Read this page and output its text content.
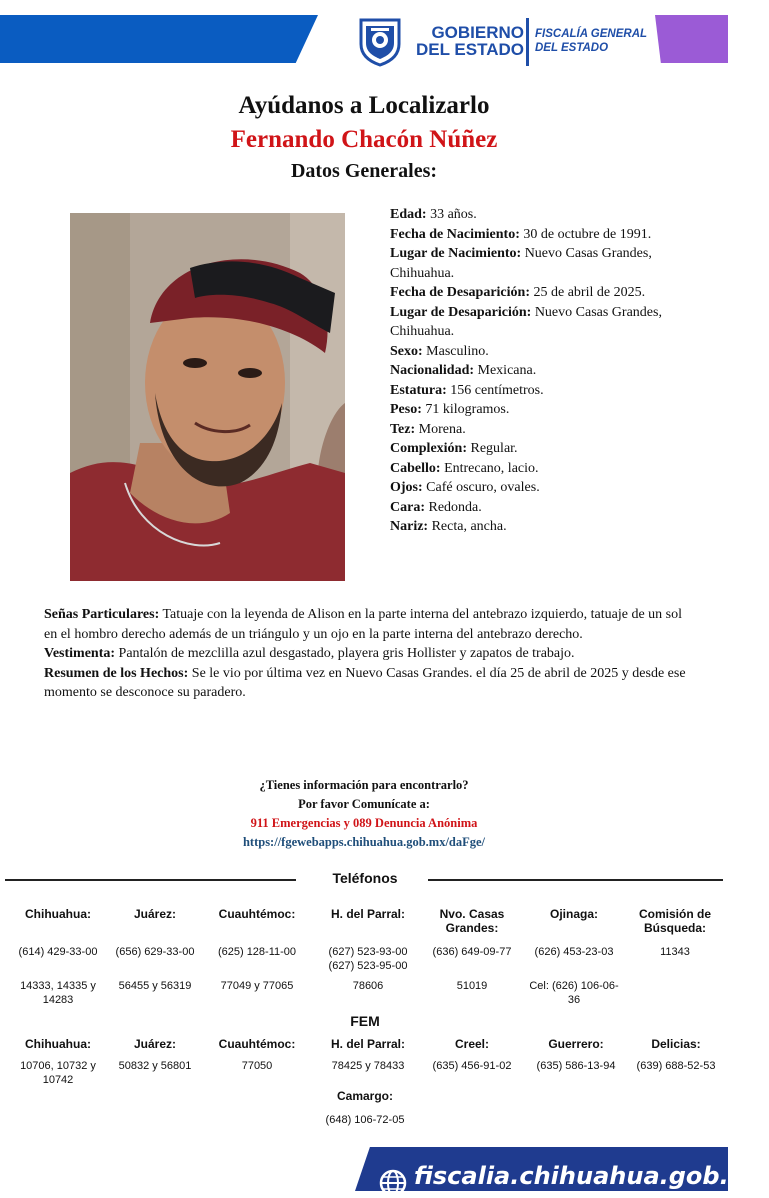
GOBIERNO
DEL ESTADO
FISCALÍA GENERAL
DEL ESTADO
Ayúdanos a Localizarlo
Fernando Chacón Núñez
Datos Generales:

Edad: 33 años.

Fecha de Nacimiento: 30 de octubre de 1991.

Lugar de Nacimiento: Nuevo Casas Grandes, Chihuahua.

Fecha de Desaparición: 25 de abril de 2025.

Lugar de Desaparición: Nuevo Casas Grandes, Chihuahua.

Sexo: Masculino.

Nacionalidad: Mexicana.

Estatura: 156 centímetros.

Peso: 71 kilogramos.

Tez: Morena.

Complexión: Regular.

Cabello: Entrecano, lacio.

Ojos: Café oscuro, ovales.

Cara: Redonda.

Nariz: Recta, ancha.

Señas Particulares: Tatuaje con la leyenda de Alison en la parte interna del antebrazo izquierdo, tatuaje de un sol en el hombro derecho además de un triángulo y un ojo en la parte interna del antebrazo derecho.

Vestimenta: Pantalón de mezclilla azul desgastado, playera gris Hollister y zapatos de trabajo.

Resumen de los Hechos: Se le vio por última vez en Nuevo Casas Grandes. el día 25 de abril de 2025 y desde ese momento se desconoce su paradero.

¿Tienes información para encontrarlo?
Por favor Comunícate a:
911 Emergencias y 089 Denuncia Anónima
https://fgewebapps.chihuahua.gob.mx/daFge/
Teléfonos
Chihuahua:
(614) 429-33-00
14333, 14335 y 14283
Juárez:
(656) 629-33-00
56455 y 56319
Cuauhtémoc:
(625) 128-11-00
77049 y 77065
H. del Parral:
(627) 523-93-00 (627) 523-95-00
78606
Nvo. Casas Grandes:
(636) 649-09-77
51019
Ojinaga:
(626) 453-23-03
Cel: (626) 106-06-36
Comisión de Búsqueda:
11343
FEM
Chihuahua:
10706, 10732 y 10742
Juárez:
50832 y 56801
Cuauhtémoc:
77050
H. del Parral:
78425 y 78433
Creel:
(635) 456-91-02
Guerrero:
(635) 586-13-94
Delicias:
(639) 688-52-53
Camargo:
(648) 106-72-05
fiscalia.chihuahua.gob.mx
